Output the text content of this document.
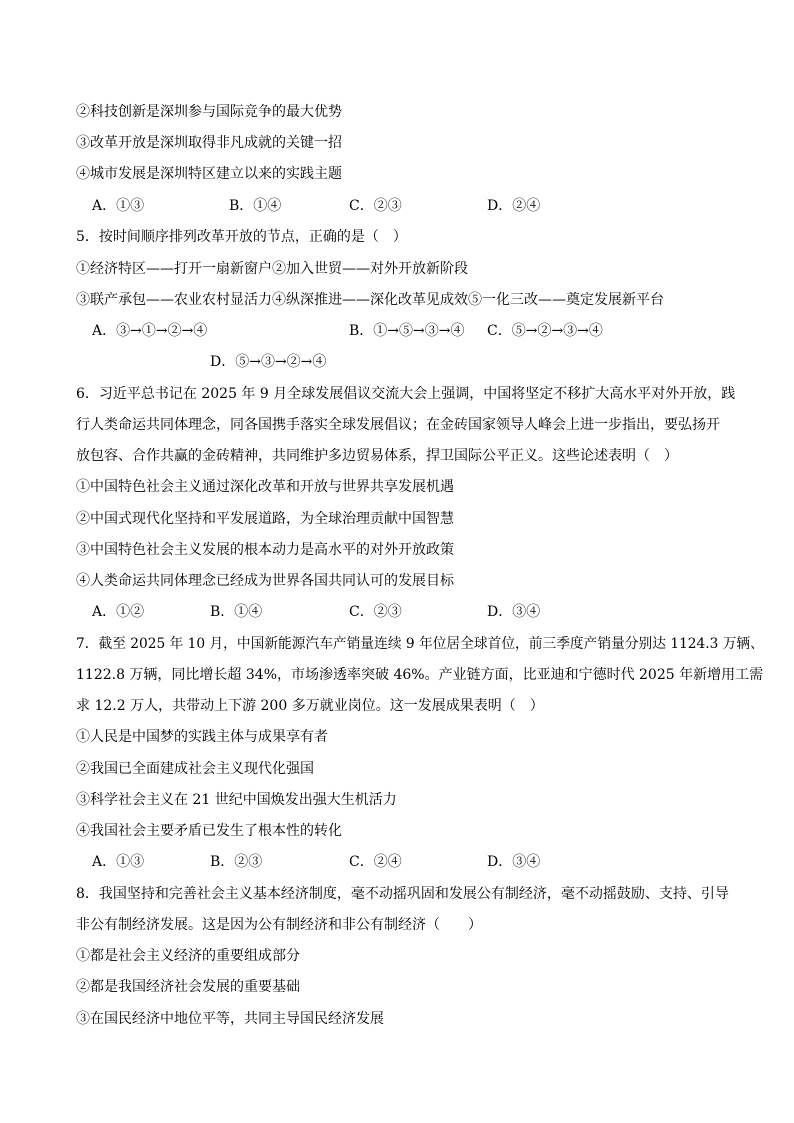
②科技创新是深圳参与国际竞争的最大优势
③改革开放是深圳取得非凡成就的关键一招
④城市发展是深圳特区建立以来的实践主题
A．①③	B．①④	C．②③	D．②④
5．按时间顺序排列改革开放的节点，正确的是（　）
①经济特区——打开一扇新窗户②加入世贸——对外开放新阶段
③联产承包——农业农村显活力④纵深推进——深化改革见成效⑤一化三改——奠定发展新平台
A．③→①→②→④	B．①→⑤→③→④ C．⑤→②→③→④
D．⑤→③→②→④
6．习近平总书记在 2025 年 9 月全球发展倡议交流大会上强调，中国将坚定不移扩大高水平对外开放，践
行人类命运共同体理念，同各国携手落实全球发展倡议；在金砖国家领导人峰会上进一步指出，要弘扬开
放包容、合作共赢的金砖精神，共同维护多边贸易体系，捍卫国际公平正义。这些论述表明（　）
①中国特色社会主义通过深化改革和开放与世界共享发展机遇
②中国式现代化坚持和平发展道路，为全球治理贡献中国智慧
③中国特色社会主义发展的根本动力是高水平的对外开放政策
④人类命运共同体理念已经成为世界各国共同认可的发展目标
A．①②	B．①④	C．②③	D．③④
7．截至 2025 年 10 月，中国新能源汽车产销量连续 9 年位居全球首位，前三季度产销量分别达 1124.3 万辆、
1122.8 万辆，同比增长超 34%，市场渗透率突破 46%。产业链方面，比亚迪和宁德时代 2025 年新增用工需
求 12.2 万人，共带动上下游 200 多万就业岗位。这一发展成果表明（　）
①人民是中国梦的实践主体与成果享有者
②我国已全面建成社会主义现代化强国
③科学社会主义在 21 世纪中国焕发出强大生机活力
④我国社会主要矛盾已发生了根本性的转化
A．①③	B．②③	C．②④	D．③④
8．我国坚持和完善社会主义基本经济制度，毫不动摇巩固和发展公有制经济，毫不动摇鼓励、支持、引导
非公有制经济发展。这是因为公有制经济和非公有制经济（　　）
①都是社会主义经济的重要组成部分
②都是我国经济社会发展的重要基础
③在国民经济中地位平等，共同主导国民经济发展
